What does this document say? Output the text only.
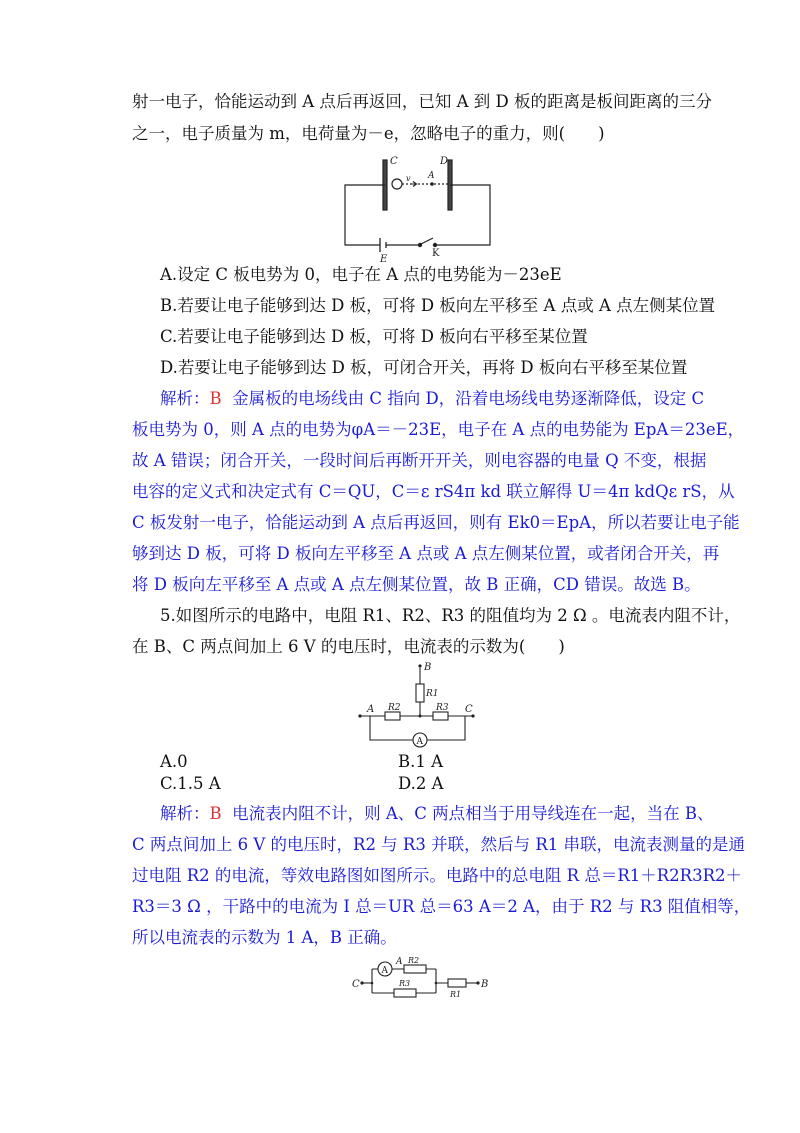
射一电子，恰能运动到 A 点后再返回，已知 A 到 D 板的距离是板间距离的三分
之一，电子质量为 m，电荷量为－e，忽略电子的重力，则(　　)
C	D
v A
E
K
A.设定 C 板电势为 0，电子在 A 点的电势能为－23eE
B.若要让电子能够到达 D 板，可将 D 板向左平移至 A 点或 A 点左侧某位置
C.若要让电子能够到达 D 板，可将 D 板向右平移至某位置
D.若要让电子能够到达 D 板，可闭合开关，再将 D 板向右平移至某位置
解析：B 金属板的电场线由 C 指向 D，沿着电场线电势逐渐降低，设定 C
板电势为 0，则 A 点的电势为φA＝－23E，电子在 A 点的电势能为 EpA＝23eE，
故 A 错误；闭合开关，一段时间后再断开开关，则电容器的电量 Q 不变，根据
电容的定义式和决定式有 C＝QU，C＝ε rS4π kd 联立解得 U＝4π kdQε rS，从
C 板发射一电子，恰能运动到 A 点后再返回，则有 Ek0＝EpA，所以若要让电子能
够到达 D 板，可将 D 板向左平移至 A 点或 A 点左侧某位置，或者闭合开关，再
将 D 板向左平移至 A 点或 A 点左侧某位置，故 B 正确，CD 错误。故选 B。
5.如图所示的电路中，电阻 R1、R2、R3 的阻值均为 2 Ω 。电流表内阻不计，
在 B、C 两点间加上 6 V 的电压时，电流表的示数为(　　)
B
R1
A R2	R3 C
A
A.0	B.1 A
C.1.5 A	D.2 A
解析：B 电流表内阻不计，则 A、C 两点相当于用导线连在一起，当在 B、
C 两点间加上 6 V 的电压时，R2 与 R3 并联，然后与 R1 串联，电流表测量的是通
过电阻 R2 的电流，等效电路图如图所示。电路中的总电阻 R 总＝R1＋R2R3R2＋
R3＝3 Ω ，干路中的电流为 I 总＝UR 总＝63 A＝2 A，由于 R2 与 R3 阻值相等，
所以电流表的示数为 1 A，B 正确。
C
A
A R2
R3
R1
B
